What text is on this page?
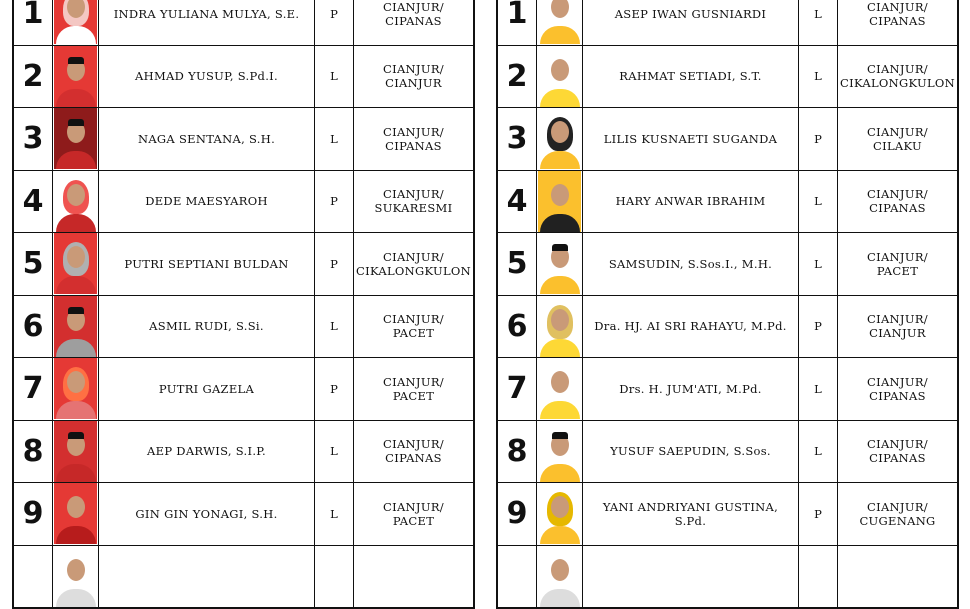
1		INDRA YULIANA MULYA, S.E.	P	CIANJUR/
CIPANAS

2		AHMAD YUSUP, S.Pd.I.	L	CIANJUR/
CIANJUR

3		NAGA SENTANA, S.H.	L	CIANJUR/
CIPANAS

4		DEDE MAESYAROH	P	CIANJUR/
SUKARESMI

5		PUTRI SEPTIANI BULDAN	P	CIANJUR/
CIKALONGKULON

6		ASMIL RUDI, S.Si.	L	CIANJUR/
PACET

7		PUTRI GAZELA	P	CIANJUR/
PACET

8		AEP DARWIS, S.I.P.	L	CIANJUR/
CIPANAS

9		GIN GIN YONAGI, S.H.	L	CIANJUR/
PACET

1		ASEP IWAN GUSNIARDI	L	CIANJUR/
CIPANAS

2		RAHMAT SETIADI, S.T.	L	CIANJUR/
CIKALONGKULON

3		LILIS KUSNAETI SUGANDA	P	CIANJUR/
CILAKU

4		HARY ANWAR IBRAHIM	L	CIANJUR/
CIPANAS

5		SAMSUDIN, S.Sos.I., M.H.	L	CIANJUR/
PACET

6		Dra. HJ. AI SRI RAHAYU, M.Pd.	P	CIANJUR/
CIANJUR

7		Drs. H. JUM'ATI, M.Pd.	L	CIANJUR/
CIPANAS

8		YUSUF SAEPUDIN, S.Sos.	L	CIANJUR/
CIPANAS

9		YANI ANDRIYANI GUSTINA, S.Pd.	P	CIANJUR/
CUGENANG
